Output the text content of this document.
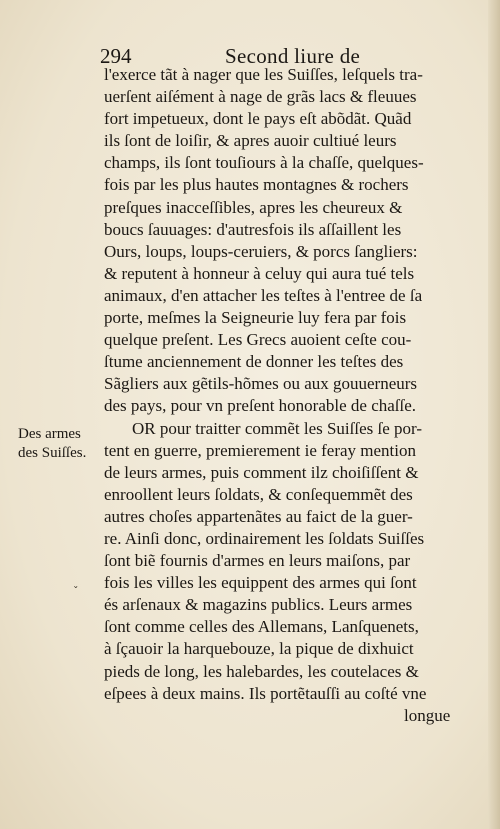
294	Second liure de
Des armes
des Suiſſes.
ˇ
l'exerce tãt à nager que les Suiſſes, leſquels tra-
uerſent aiſément à nage de grãs lacs & fleuues
fort impetueux, dont le pays eſt abõdãt. Quãd
ils ſont de loiſir, & apres auoir cultiué leurs
champs, ils ſont touſiours à la chaſſe, quelques-
fois par les plus hautes montagnes & rochers
preſques inacceſſibles, apres les cheureux &
boucs ſauuages: d'autresfois ils aſſaillent les
Ours, loups, loups-ceruiers, & porcs ſangliers:
& reputent à honneur à celuy qui aura tué tels
animaux, d'en attacher les teſtes à l'entree de ſa
porte, meſmes la Seigneurie luy fera par fois
quelque preſent. Les Grecs auoient ceſte cou-
ſtume anciennement de donner les teſtes des
Sãgliers aux gẽtils-hõmes ou aux gouuerneurs
des pays, pour vn preſent honorable de chaſſe.
OR pour traitter commẽt les Suiſſes ſe por-
tent en guerre, premierement ie feray mention
de leurs armes, puis comment ilz choiſiſſent &
enroollent leurs ſoldats, & conſequemmẽt des
autres choſes appartenãtes au faict de la guer-
re. Ainſi donc, ordinairement les ſoldats Suiſſes
ſont biẽ fournis d'armes en leurs maiſons, par
fois les villes les equippent des armes qui ſont
és arſenaux & magazins publics. Leurs armes
ſont comme celles des Allemans, Lanſquenets,
à ſçauoir la harquebouze, la pique de dixhuict
pieds de long, les halebardes, les coutelaces &
eſpees à deux mains. Ils portẽtauſſi au coſté vne
longue
